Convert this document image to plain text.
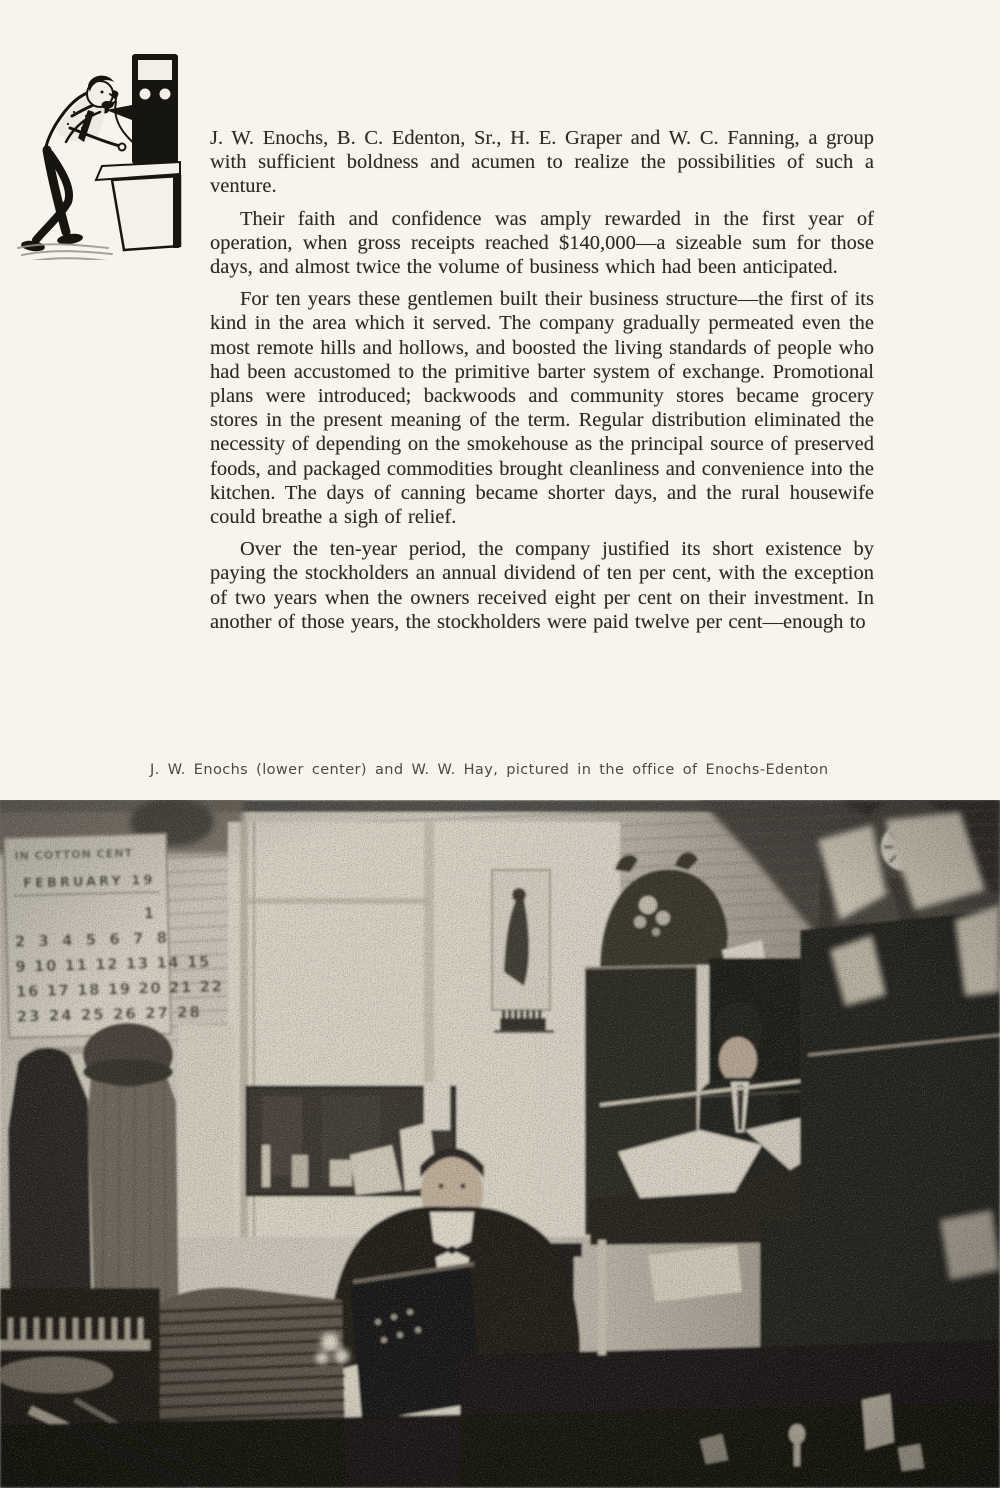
J. W. Enochs, B. C. Edenton, Sr., H. E. Graper and W. C. Fanning, a group with sufficient boldness and acumen to realize the possibilities of such a venture.

Their faith and confidence was amply rewarded in the first year of operation, when gross receipts reached $140,000—a sizeable sum for those days, and almost twice the volume of business which had been anticipated.

For ten years these gentlemen built their business structure—the first of its kind in the area which it served. The company gradually permeated even the most remote hills and hollows, and boosted the living standards of people who had been accustomed to the primitive barter system of exchange. Promotional plans were introduced; backwoods and community stores became grocery stores in the present meaning of the term. Regular distribution eliminated the necessity of depending on the smokehouse as the principal source of preserved foods, and packaged commodities brought cleanliness and convenience into the kitchen. The days of canning became shorter days, and the rural housewife could breathe a sigh of relief.

Over the ten-year period, the company justified its short existence by paying the stockholders an annual dividend of ten per cent, with the exception of two years when the owners received eight per cent on their investment. In another of those years, the stockholders were paid twelve per cent—enough to

J. W. Enochs (lower center) and W. W. Hay, pictured in the office of Enochs-Edenton
